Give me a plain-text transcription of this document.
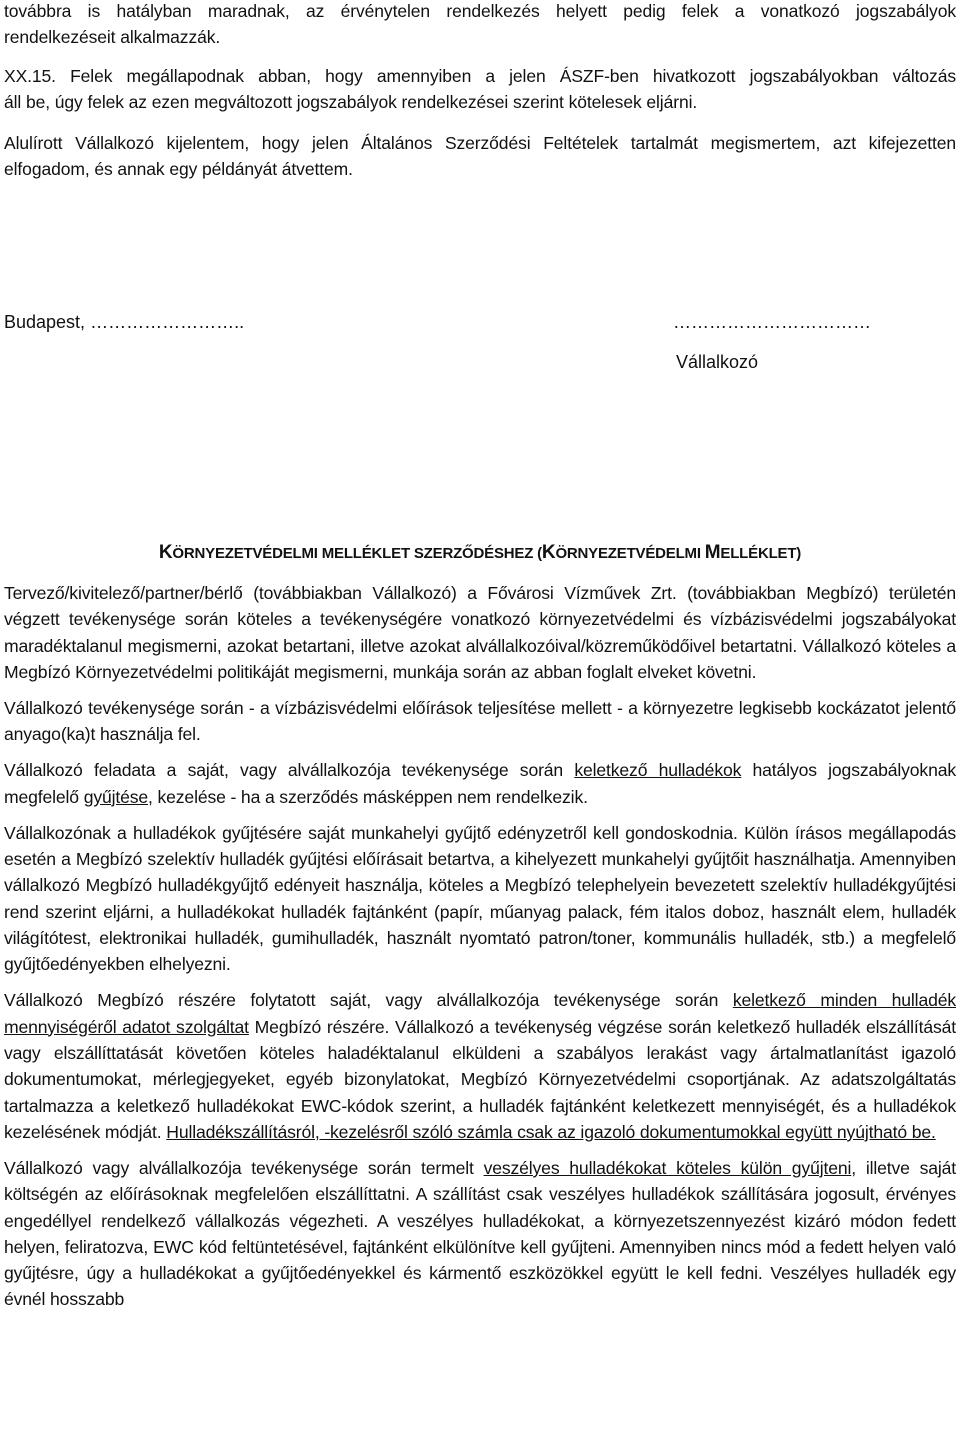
továbbra is hatályban maradnak, az érvénytelen rendelkezés helyett pedig felek a vonatkozó jogszabályok

rendelkezéseit alkalmazzák.

XX.15. Felek megállapodnak abban, hogy amennyiben a jelen ÁSZF-ben hivatkozott jogszabályokban változás

áll be, úgy felek az ezen megváltozott jogszabályok rendelkezései szerint kötelesek eljárni.

Alulírott Vállalkozó kijelentem, hogy jelen Általános Szerződési Feltételek tartalmát megismertem, azt kifejezetten

elfogadom, és annak egy példányát átvettem.

Budapest, ……………………..	……………………………
Vállalkozó
KÖRNYEZETVÉDELMI MELLÉKLET SZERZŐDÉSHEZ (KÖRNYEZETVÉDELMI MELLÉKLET)

Tervező/kivitelező/partner/bérlő (továbbiakban Vállalkozó) a Fővárosi Vízművek Zrt. (továbbiakban Megbízó) területén végzett tevékenysége során köteles a tevékenységére vonatkozó környezetvédelmi és vízbázisvédelmi jogszabályokat maradéktalanul megismerni, azokat betartani, illetve azokat alvállalkozóival/közreműködőivel betartatni. Vállalkozó köteles a Megbízó Környezetvédelmi politikáját megismerni, munkája során az abban foglalt elveket követni.

Vállalkozó tevékenysége során - a vízbázisvédelmi előírások teljesítése mellett - a környezetre legkisebb kockázatot jelentő anyago(ka)t használja fel.

Vállalkozó feladata a saját, vagy alvállalkozója tevékenysége során keletkező hulladékok hatályos jogszabályoknak megfelelő gyűjtése, kezelése - ha a szerződés másképpen nem rendelkezik.

Vállalkozónak a hulladékok gyűjtésére saját munkahelyi gyűjtő edényzetről kell gondoskodnia. Külön írásos megállapodás esetén a Megbízó szelektív hulladék gyűjtési előírásait betartva, a kihelyezett munkahelyi gyűjtőit használhatja. Amennyiben vállalkozó Megbízó hulladékgyűjtő edényeit használja, köteles a Megbízó telephelyein bevezetett szelektív hulladékgyűjtési rend szerint eljárni, a hulladékokat hulladék fajtánként (papír, műanyag palack, fém italos doboz, használt elem, hulladék világítótest, elektronikai hulladék, gumihulladék, használt nyomtató patron/toner, kommunális hulladék, stb.) a megfelelő gyűjtőedényekben elhelyezni.

Vállalkozó Megbízó részére folytatott saját, vagy alvállalkozója tevékenysége során keletkező minden hulladék mennyiségéről adatot szolgáltat Megbízó részére. Vállalkozó a tevékenység végzése során keletkező hulladék elszállítását vagy elszállíttatását követően köteles haladéktalanul elküldeni a szabályos lerakást vagy ártalmatlanítást igazoló dokumentumokat, mérlegjegyeket, egyéb bizonylatokat, Megbízó Környezetvédelmi csoportjának. Az adatszolgáltatás tartalmazza a keletkező hulladékokat EWC-kódok szerint, a hulladék fajtánként keletkezett mennyiségét, és a hulladékok kezelésének módját. Hulladékszállításról, -kezelésről szóló számla csak az igazoló dokumentumokkal együtt nyújtható be.

Vállalkozó vagy alvállalkozója tevékenysége során termelt veszélyes hulladékokat köteles külön gyűjteni, illetve saját költségén az előírásoknak megfelelően elszállíttatni. A szállítást csak veszélyes hulladékok szállítására jogosult, érvényes engedéllyel rendelkező vállalkozás végezheti. A veszélyes hulladékokat, a környezetszennyezést kizáró módon fedett helyen, feliratozva, EWC kód feltüntetésével, fajtánként elkülönítve kell gyűjteni. Amennyiben nincs mód a fedett helyen való gyűjtésre, úgy a hulladékokat a gyűjtőedényekkel és kármentő eszközökkel együtt le kell fedni. Veszélyes hulladék egy évnél hosszabb
